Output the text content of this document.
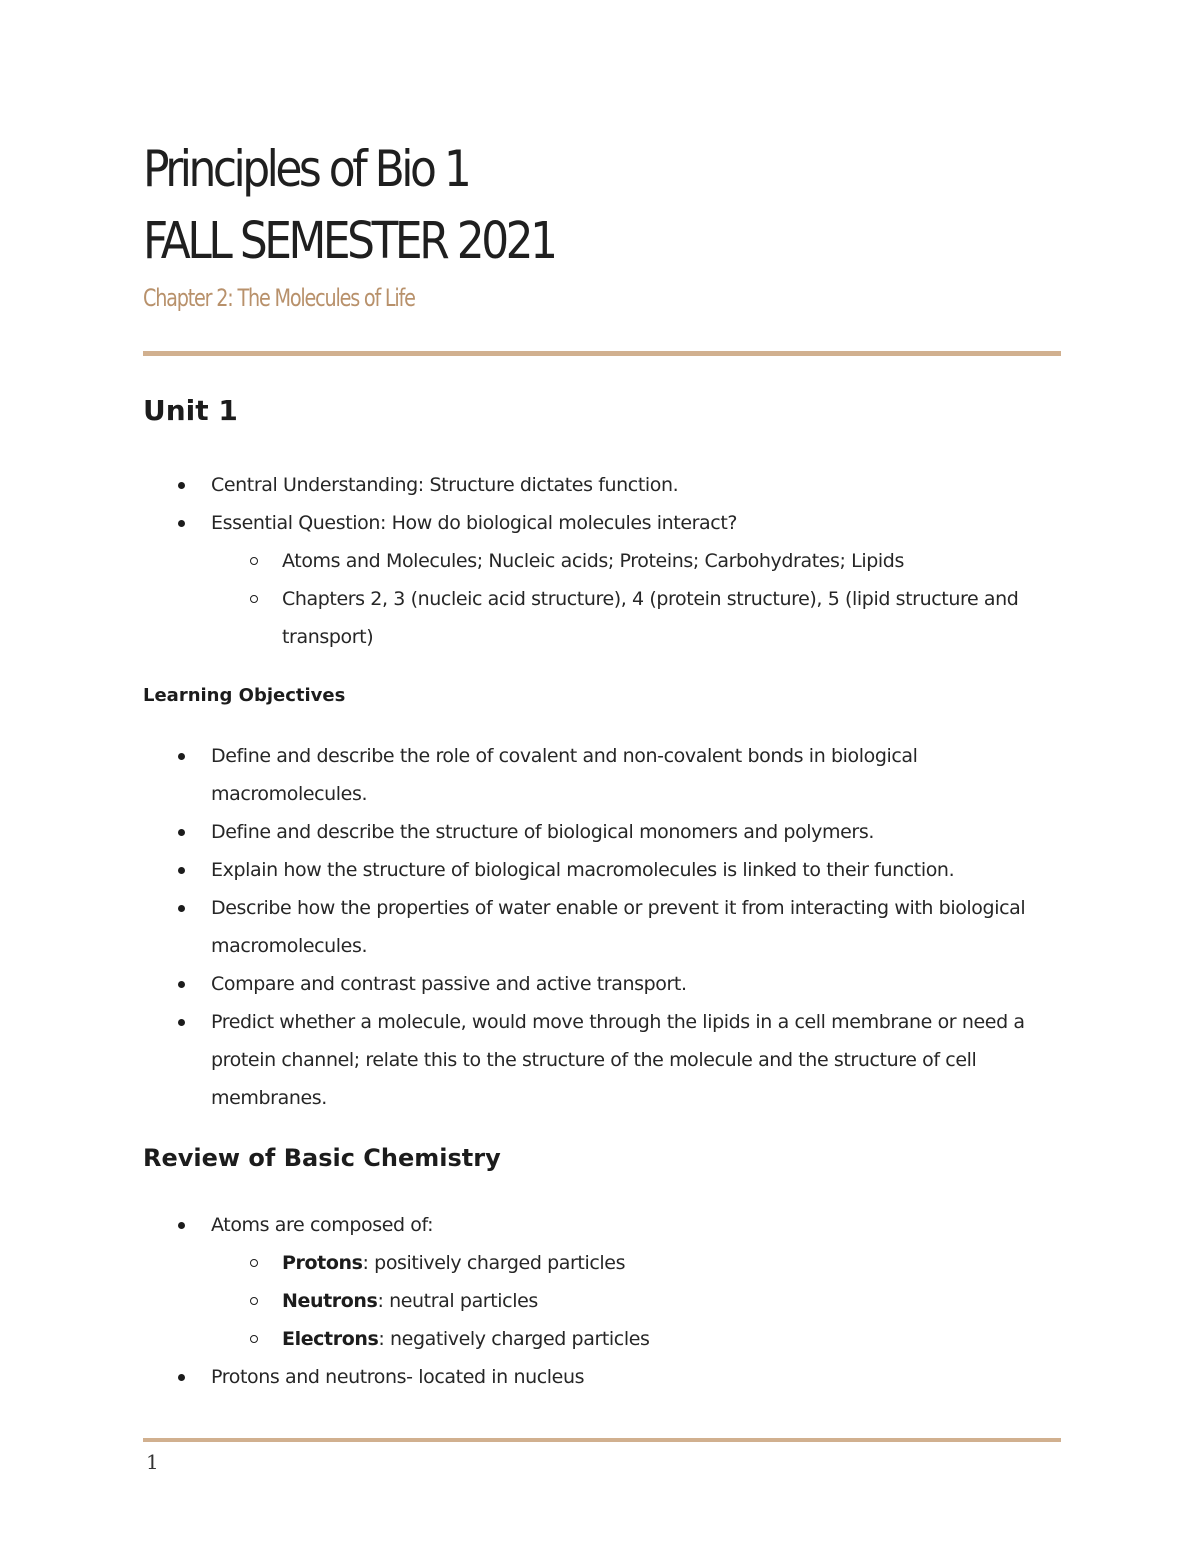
Principles of Bio 1
FALL SEMESTER 2021
Chapter 2: The Molecules of Life
Unit 1
Central Understanding: Structure dictates function.
Essential Question: How do biological molecules interact?
Atoms and Molecules; Nucleic acids; Proteins; Carbohydrates; Lipids
Chapters 2, 3 (nucleic acid structure), 4 (protein structure), 5 (lipid structure and transport)
Learning Objectives
Define and describe the role of covalent and non-covalent bonds in biological macromolecules.
Define and describe the structure of biological monomers and polymers.
Explain how the structure of biological macromolecules is linked to their function.
Describe how the properties of water enable or prevent it from interacting with biological macromolecules.
Compare and contrast passive and active transport.
Predict whether a molecule, would move through the lipids in a cell membrane or need a protein channel; relate this to the structure of the molecule and the structure of cell membranes.
Review of Basic Chemistry
Atoms are composed of:
Protons: positively charged particles
Neutrons: neutral particles
Electrons: negatively charged particles
Protons and neutrons- located in nucleus
1
